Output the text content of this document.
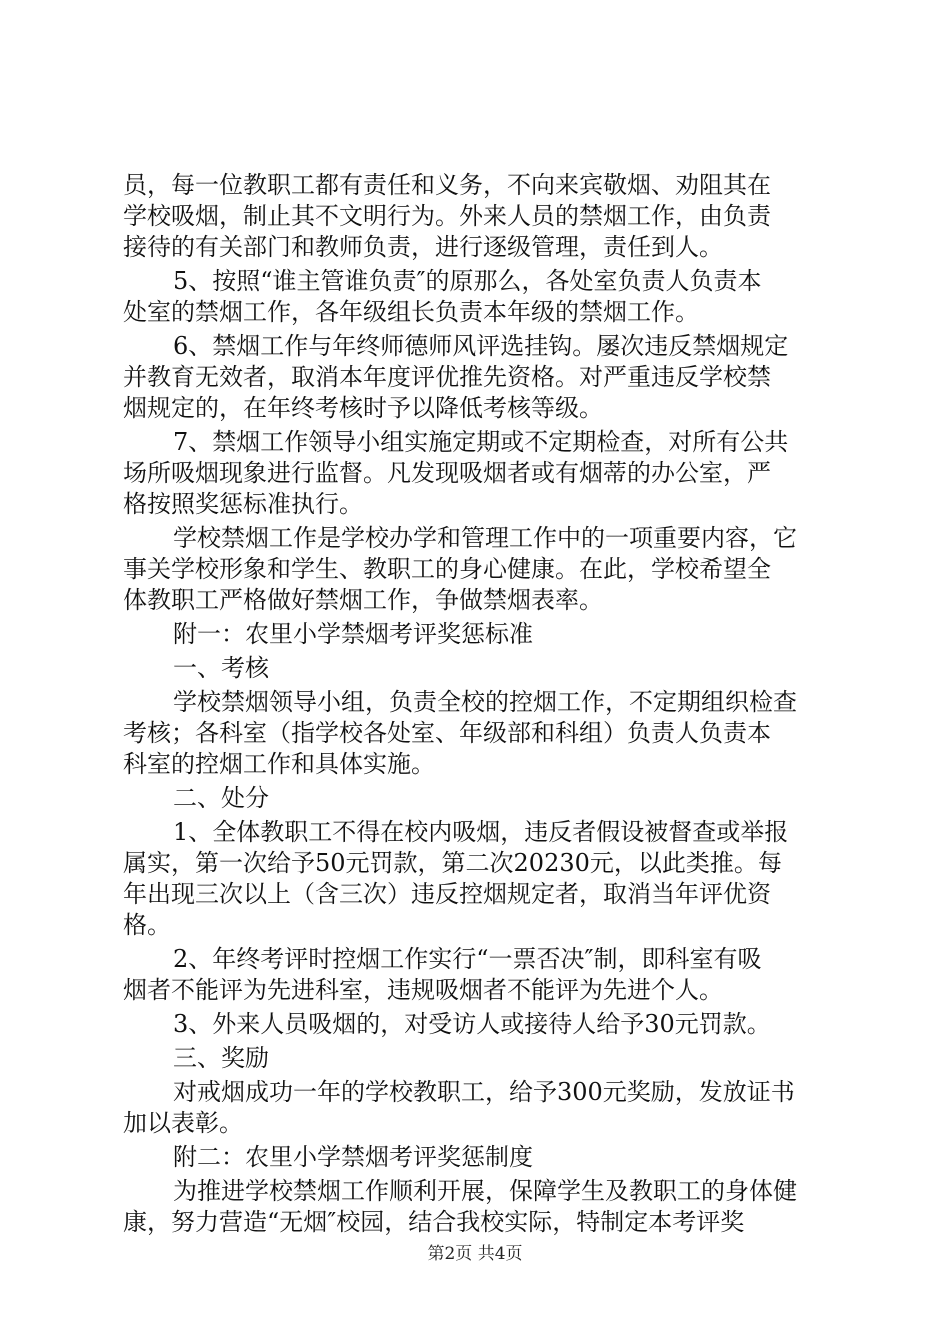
员，每一位教职工都有责任和义务，不向来宾敬烟、劝阻其在
学校吸烟，制止其不文明行为。外来人员的禁烟工作，由负责
接待的有关部门和教师负责，进行逐级管理，责任到人。
5、按照“谁主管谁负责″的原那么，各处室负责人负责本
处室的禁烟工作，各年级组长负责本年级的禁烟工作。
6、禁烟工作与年终师德师风评选挂钩。屡次违反禁烟规定
并教育无效者，取消本年度评优推先资格。对严重违反学校禁
烟规定的，在年终考核时予以降低考核等级。
7、禁烟工作领导小组实施定期或不定期检查，对所有公共
场所吸烟现象进行监督。凡发现吸烟者或有烟蒂的办公室，严
格按照奖惩标准执行。
学校禁烟工作是学校办学和管理工作中的一项重要内容，它
事关学校形象和学生、教职工的身心健康。在此，学校希望全
体教职工严格做好禁烟工作，争做禁烟表率。
附一：农里小学禁烟考评奖惩标准
一、考核
学校禁烟领导小组，负责全校的控烟工作，不定期组织检查
考核；各科室（指学校各处室、年级部和科组）负责人负责本
科室的控烟工作和具体实施。
二、处分
1、全体教职工不得在校内吸烟，违反者假设被督查或举报
属实，第一次给予50元罚款，第二次20230元，以此类推。每
年出现三次以上（含三次）违反控烟规定者，取消当年评优资
格。
2、年终考评时控烟工作实行“一票否决″制，即科室有吸
烟者不能评为先进科室，违规吸烟者不能评为先进个人。
3、外来人员吸烟的，对受访人或接待人给予30元罚款。
三、奖励
对戒烟成功一年的学校教职工，给予300元奖励，发放证书
加以表彰。
附二：农里小学禁烟考评奖惩制度
为推进学校禁烟工作顺利开展，保障学生及教职工的身体健
康，努力营造“无烟″校园，结合我校实际，特制定本考评奖
第2页 共4页
